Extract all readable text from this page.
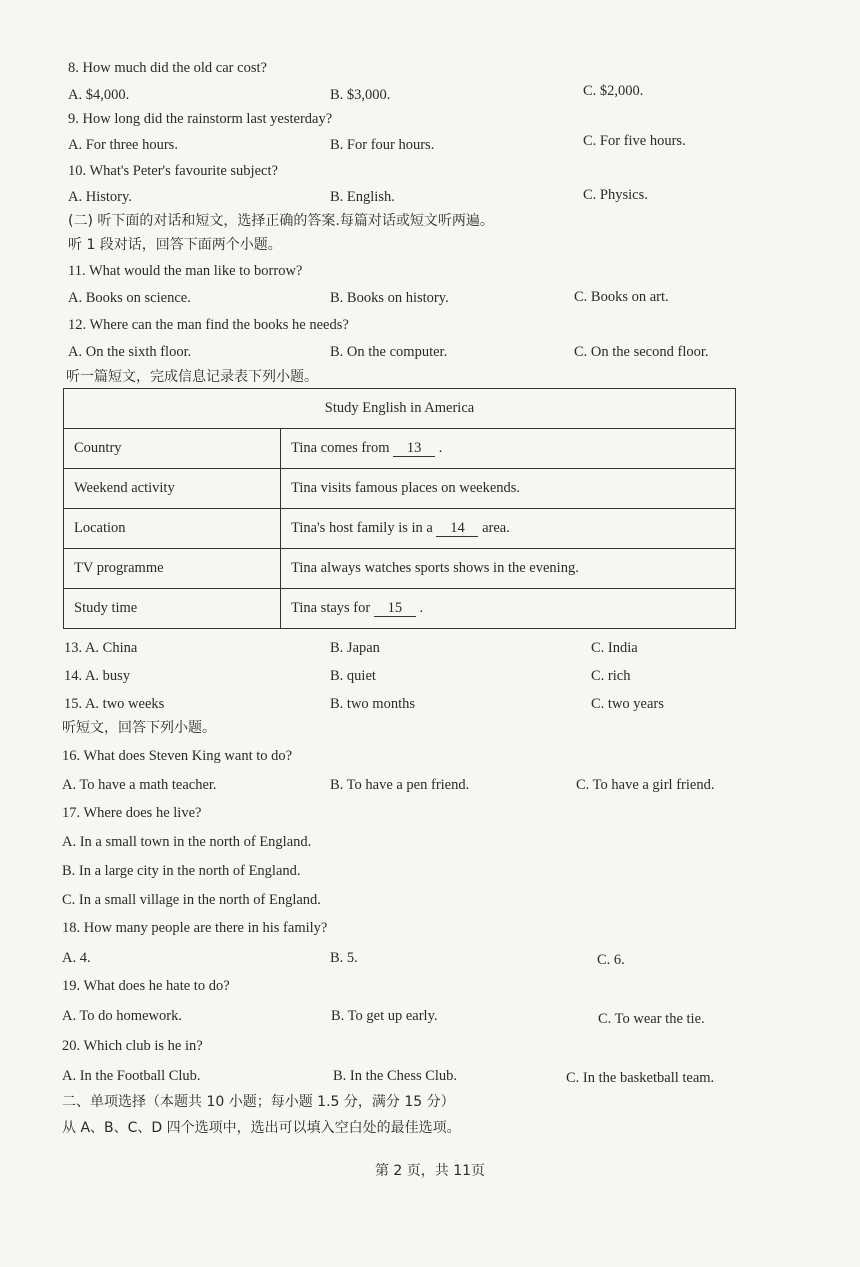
8. How much did the old car cost?
A. $4,000.	B. $3,000.	C. $2,000.
9. How long did the rainstorm last yesterday?
A. For three hours.	B. For four hours.	C. For five hours.
10. What's Peter's favourite subject?
A. History.	B. English.	C. Physics.
(二) 听下面的对话和短文，选择正确的答案.每篇对话或短文听两遍。
听 1 段对话，回答下面两个小题。
11. What would the man like to borrow?
A. Books on science.	B. Books on history.	C. Books on art.
12. Where can the man find the books he needs?
A. On the sixth floor.	B. On the computer.	C. On the second floor.
听一篇短文，完成信息记录表下列小题。
Study English in America	
Country	Tina comes from 13 .
Weekend activity	Tina visits famous places on weekends.
Location	Tina's host family is in a 14 area.
TV programme	Tina always watches sports shows in the evening.
Study time	Tina stays for 15 .
13. A. China	B. Japan	C. India
14. A. busy	B. quiet	C. rich
15. A. two weeks	B. two months	C. two years
听短文，回答下列小题。
16. What does Steven King want to do?
A. To have a math teacher.	B. To have a pen friend.	C. To have a girl friend.
17. Where does he live?
A. In a small town in the north of England.
B. In a large city in the north of England.
C. In a small village in the north of England.
18. How many people are there in his family?
A. 4.	B. 5.	C. 6.
19. What does he hate to do?
A. To do homework.	B. To get up early.	C. To wear the tie.
20. Which club is he in?
A. In the Football Club.	B. In the Chess Club.	C. In the basketball team.
二、单项选择（本题共 10 小题；每小题 1.5 分，满分 15 分）
从 A、B、C、D 四个选项中，选出可以填入空白处的最佳选项。
第 2 页，共 11页
